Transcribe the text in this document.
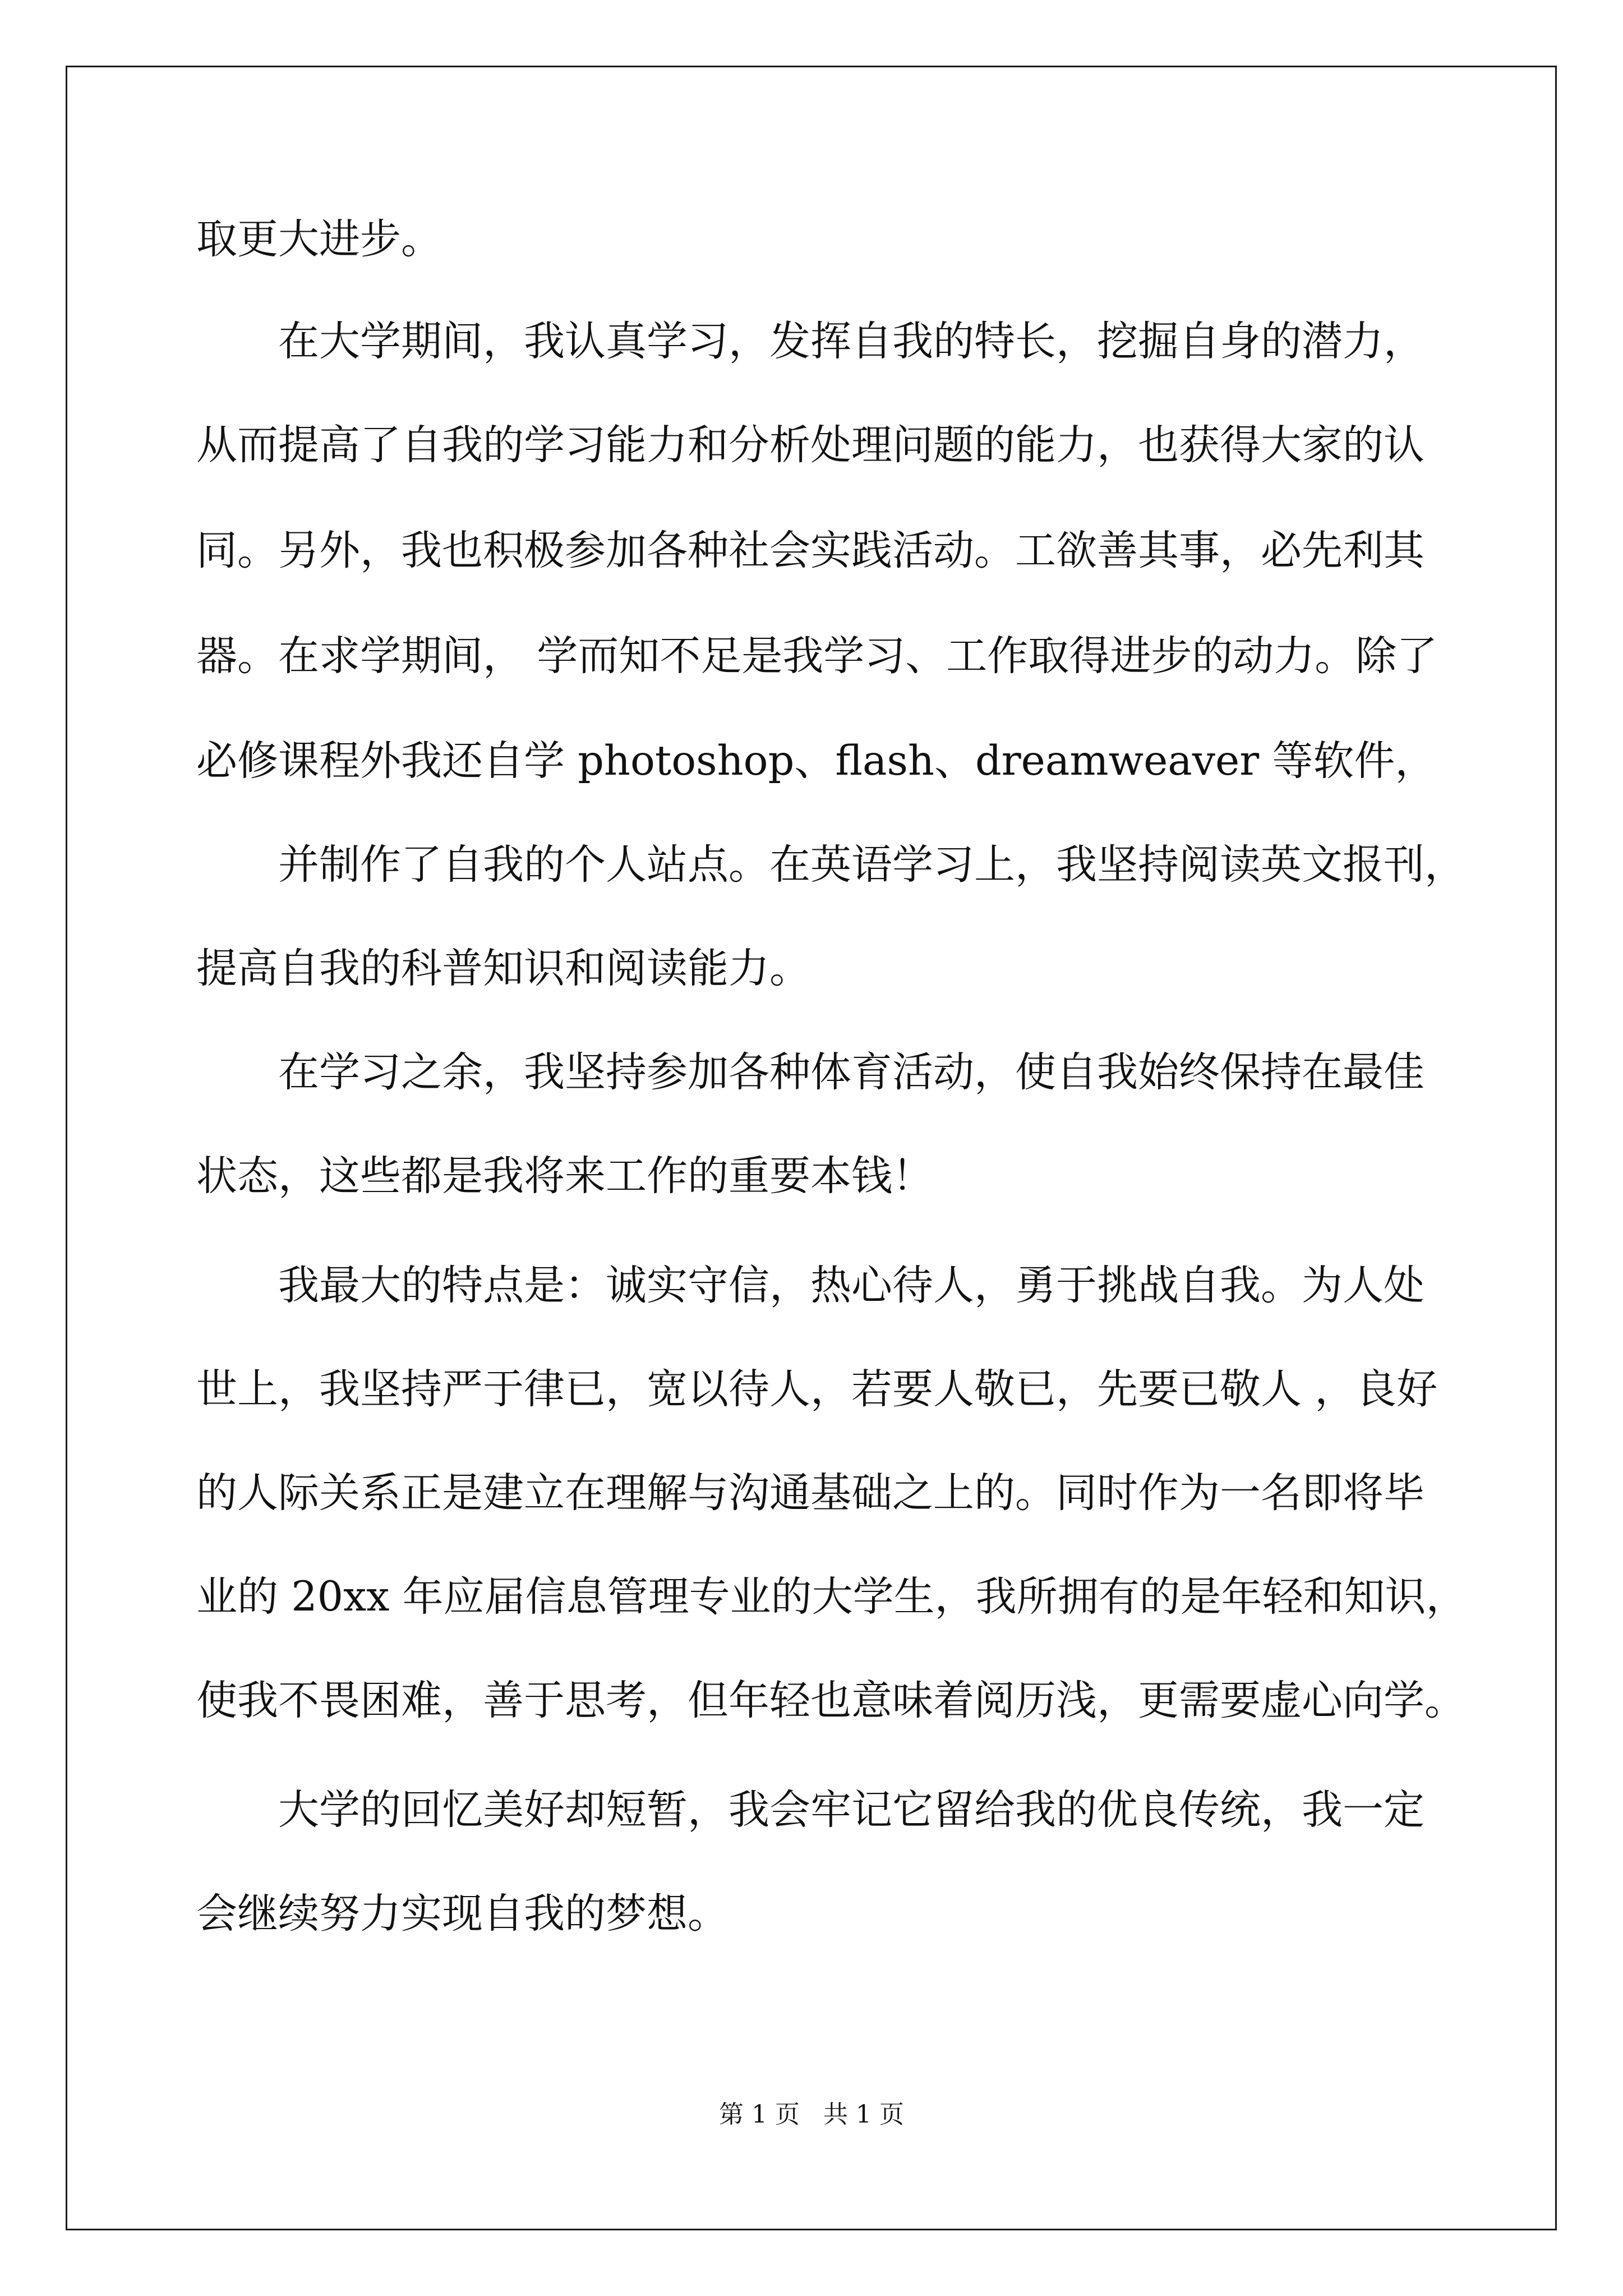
取更大进步。
在大学期间，我认真学习，发挥自我的特长，挖掘自身的潜力，
从而提高了自我的学习能力和分析处理问题的能力，也获得大家的认
同。另外，我也积极参加各种社会实践活动。工欲善其事，必先利其
器。在求学期间， 学而知不足是我学习、工作取得进步的动力。除了
必修课程外我还自学 photoshop、flash、dreamweaver 等软件，
并制作了自我的个人站点。在英语学习上，我坚持阅读英文报刊，
提高自我的科普知识和阅读能力。
在学习之余，我坚持参加各种体育活动，使自我始终保持在最佳
状态，这些都是我将来工作的重要本钱！
我最大的特点是：诚实守信，热心待人，勇于挑战自我。为人处
世上，我坚持严于律已，宽以待人，若要人敬已，先要已敬人 ，良好
的人际关系正是建立在理解与沟通基础之上的。同时作为一名即将毕
业的 20xx 年应届信息管理专业的大学生，我所拥有的是年轻和知识，
使我不畏困难，善于思考，但年轻也意味着阅历浅，更需要虚心向学。
大学的回忆美好却短暂，我会牢记它留给我的优良传统，我一定
会继续努力实现自我的梦想。
第 1 页   共 1 页
